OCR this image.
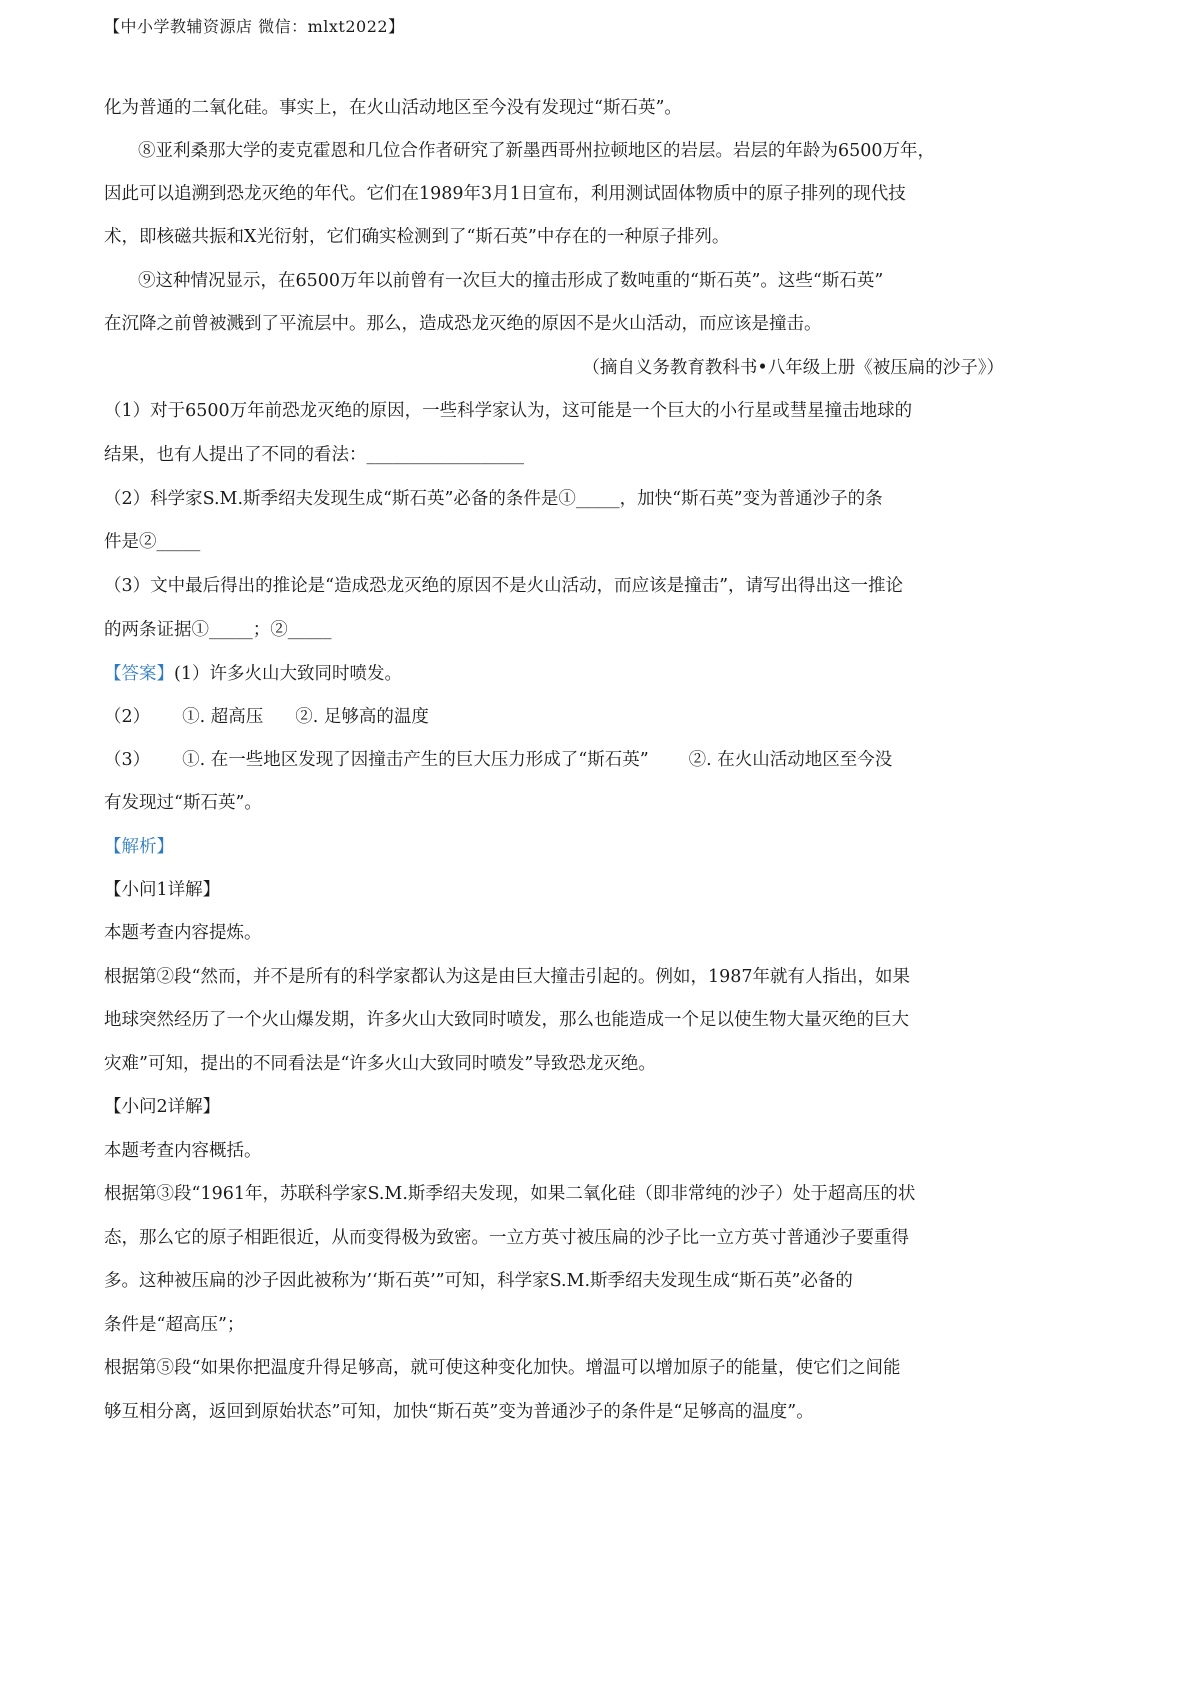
【中小学教辅资源店 微信：mlxt2022】
化为普通的二氧化硅。事实上，在火山活动地区至今没有发现过“斯石英”。
⑧亚利桑那大学的麦克霍恩和几位合作者研究了新墨西哥州拉顿地区的岩层。岩层的年龄为6500万年，
因此可以追溯到恐龙灭绝的年代。它们在1989年3月1日宣布，利用测试固体物质中的原子排列的现代技
术，即核磁共振和X光衍射，它们确实检测到了“斯石英”中存在的一种原子排列。
⑨这种情况显示，在6500万年以前曾有一次巨大的撞击形成了数吨重的“斯石英”。这些“斯石英”
在沉降之前曾被溅到了平流层中。那么，造成恐龙灭绝的原因不是火山活动，而应该是撞击。
（摘自义务教育教科书•八年级上册《被压扁的沙子》）
（1）对于6500万年前恐龙灭绝的原因，一些科学家认为，这可能是一个巨大的小行星或彗星撞击地球的
结果，也有人提出了不同的看法：__________________
（2）科学家S.M.斯季绍夫发现生成“斯石英”必备的条件是①_____，加快“斯石英”变为普通沙子的条
件是②_____
（3）文中最后得出的推论是“造成恐龙灭绝的原因不是火山活动，而应该是撞击”，请写出得出这一推论
的两条证据①_____；②_____
【答案】(1）许多火山大致同时喷发。
（2） ①. 超高压 ②. 足够高的温度
（3） ①. 在一些地区发现了因撞击产生的巨大压力形成了“斯石英” ②. 在火山活动地区至今没
有发现过“斯石英”。
【解析】
【小问1详解】
本题考查内容提炼。
根据第②段“然而，并不是所有的科学家都认为这是由巨大撞击引起的。例如，1987年就有人指出，如果
地球突然经历了一个火山爆发期，许多火山大致同时喷发，那么也能造成一个足以使生物大量灭绝的巨大
灾难”可知，提出的不同看法是“许多火山大致同时喷发”导致恐龙灭绝。
【小问2详解】
本题考查内容概括。
根据第③段“1961年，苏联科学家S.M.斯季绍夫发现，如果二氧化硅（即非常纯的沙子）处于超高压的状
态，那么它的原子相距很近，从而变得极为致密。一立方英寸被压扁的沙子比一立方英寸普通沙子要重得
多。这种被压扁的沙子因此被称为’‘斯石英’”可知，科学家S.M.斯季绍夫发现生成“斯石英”必备的
条件是“超高压”；
根据第⑤段“如果你把温度升得足够高，就可使这种变化加快。增温可以增加原子的能量，使它们之间能
够互相分离，返回到原始状态”可知，加快“斯石英”变为普通沙子的条件是“足够高的温度”。
